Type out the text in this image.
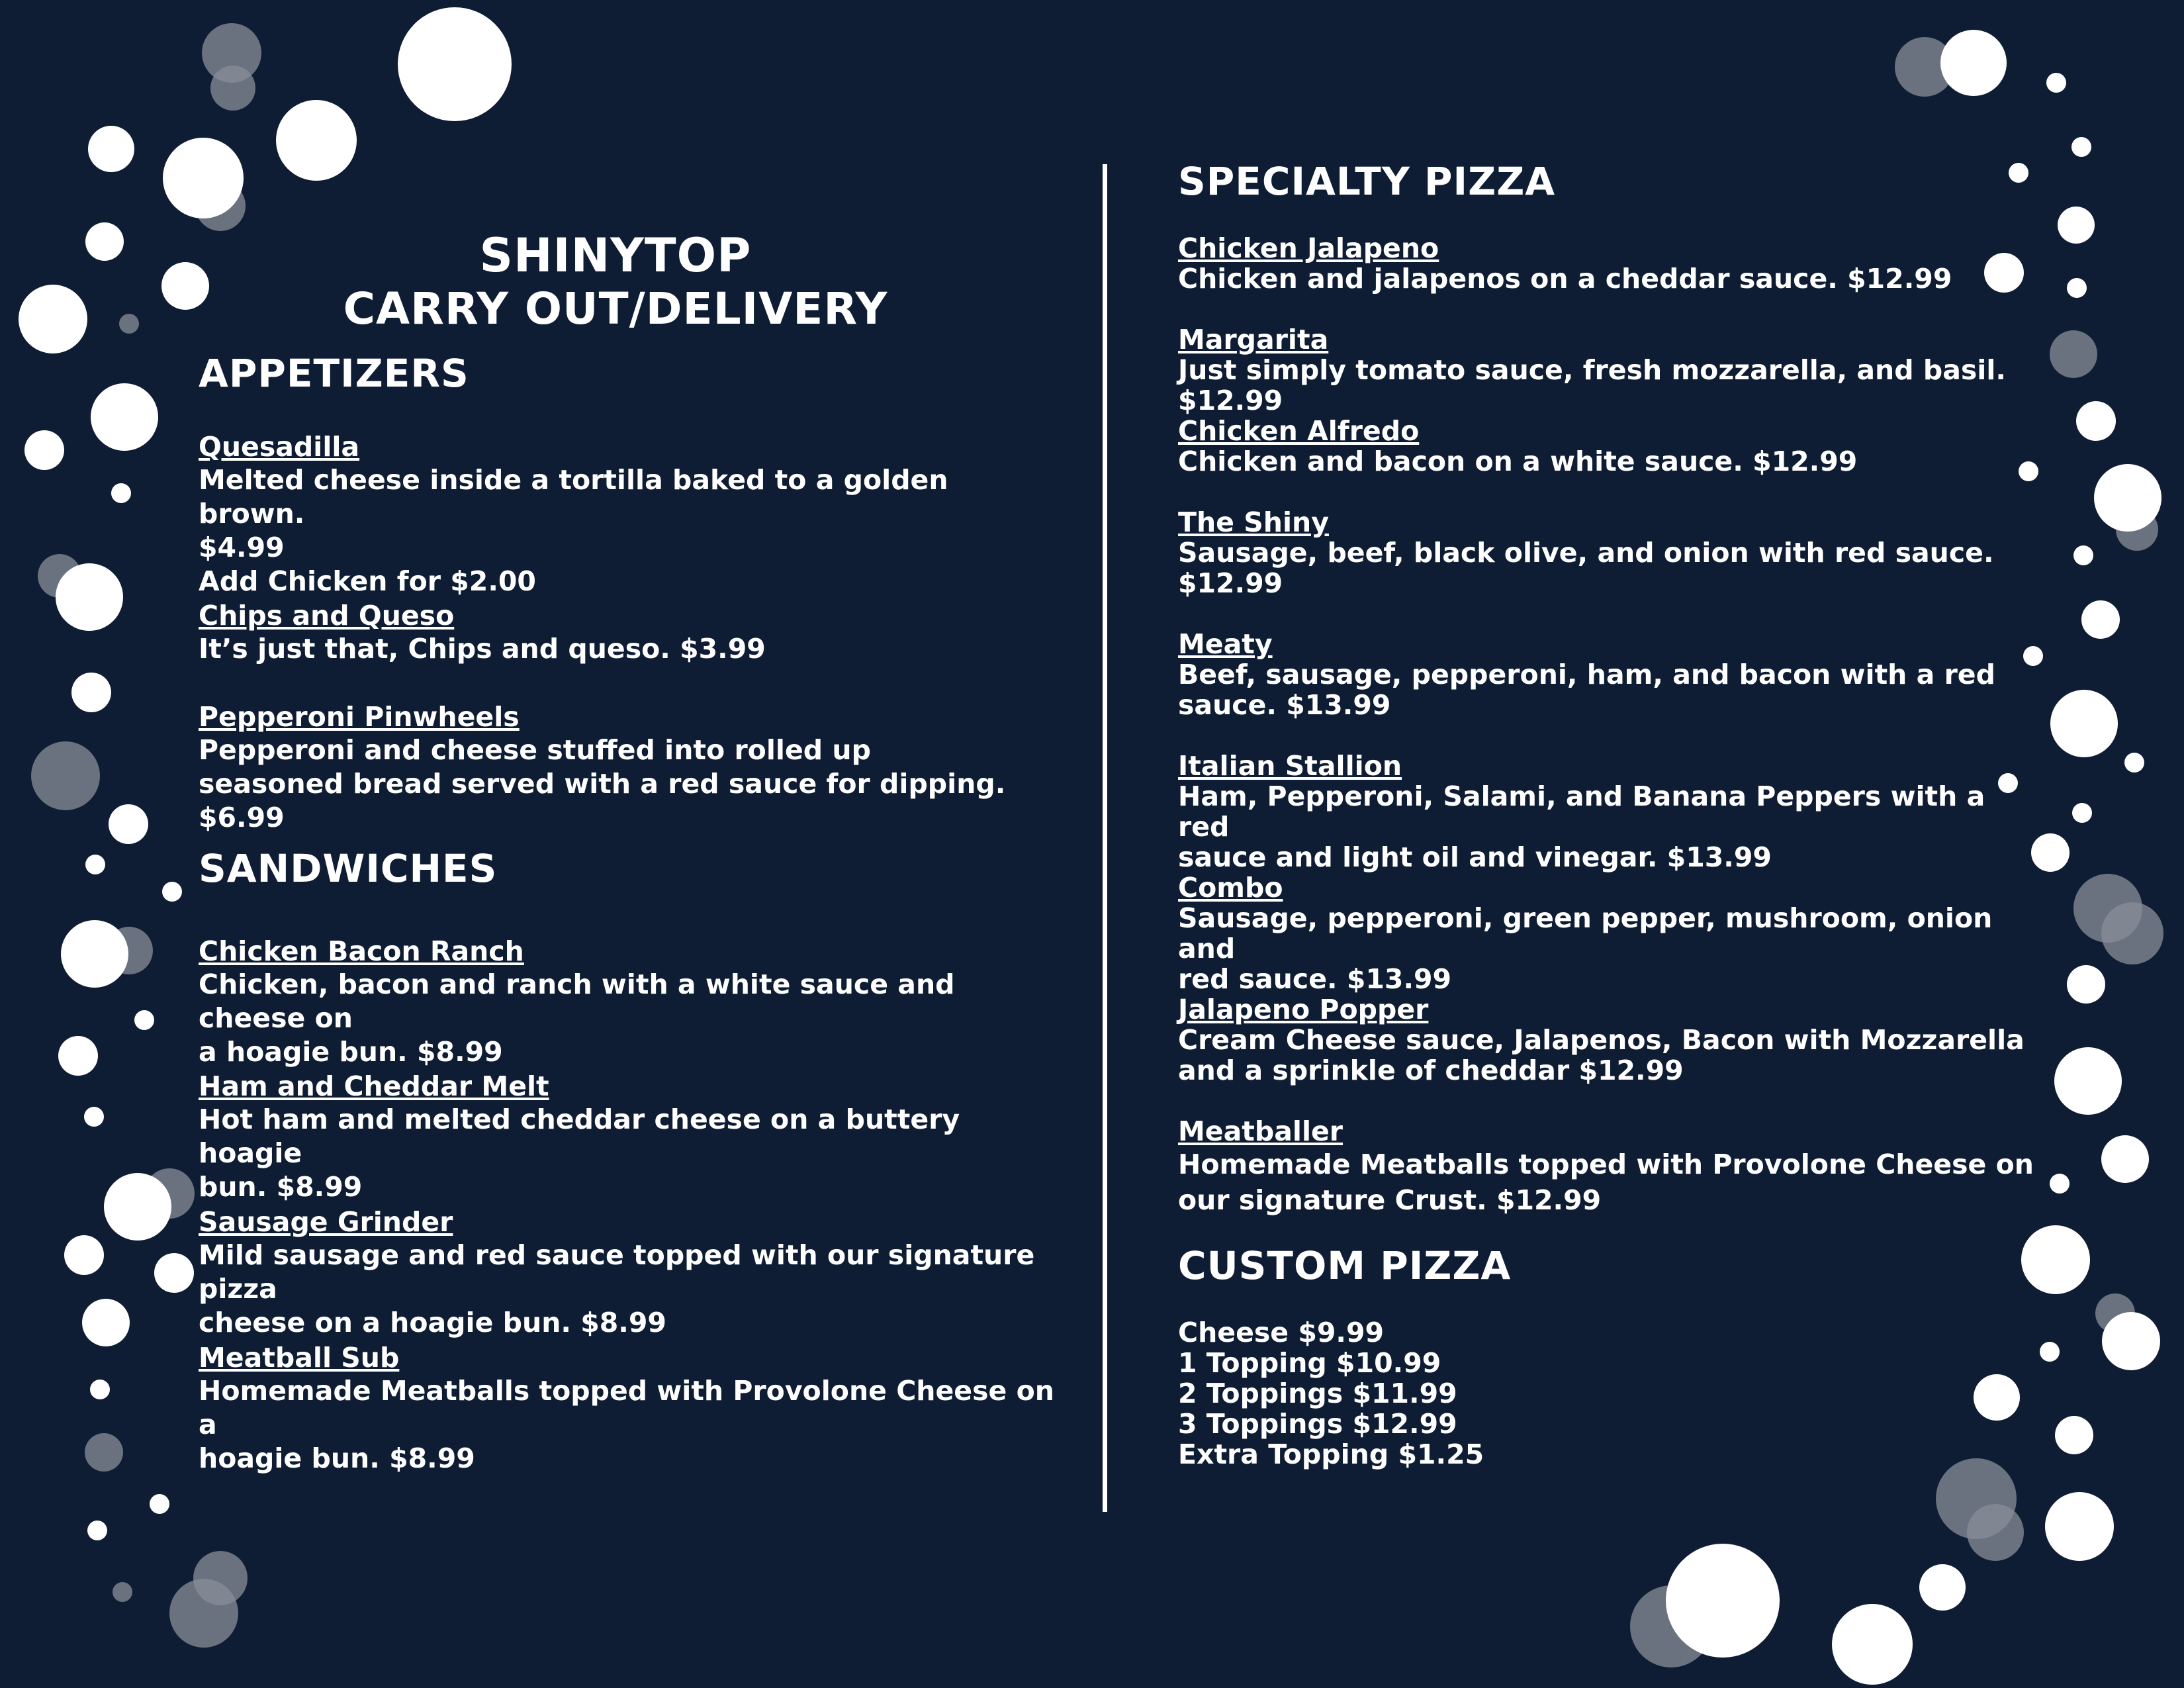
SHINYTOP
CARRY OUT/DELIVERY
APPETIZERS
Quesadilla
Melted cheese inside a tortilla baked to a golden brown.
$4.99
Add Chicken for $2.00
Chips and Queso
It’s just that, Chips and queso. $3.99
Pepperoni Pinwheels
Pepperoni and cheese stuffed into rolled up
seasoned bread served with a red sauce for dipping. $6.99
SANDWICHES
Chicken Bacon Ranch
Chicken, bacon and ranch with a white sauce and cheese on
a hoagie bun. $8.99
Ham and Cheddar Melt
Hot ham and melted cheddar cheese on a buttery hoagie
bun. $8.99
Sausage Grinder
Mild sausage and red sauce topped with our signature pizza
cheese on a hoagie bun. $8.99
Meatball Sub
Homemade Meatballs topped with Provolone Cheese on a
hoagie bun. $8.99
SPECIALTY PIZZA
Chicken Jalapeno
Chicken and jalapenos on a cheddar sauce. $12.99
Margarita
Just simply tomato sauce, fresh mozzarella, and basil. $12.99
Chicken Alfredo
Chicken and bacon on a white sauce. $12.99
The Shiny
Sausage, beef, black olive, and onion with red sauce.
$12.99
Meaty
Beef, sausage, pepperoni, ham, and bacon with a red
sauce. $13.99
Italian Stallion
Ham, Pepperoni, Salami, and Banana Peppers with a red
sauce and light oil and vinegar. $13.99
Combo
Sausage, pepperoni, green pepper, mushroom, onion and
red sauce. $13.99
Jalapeno Popper
Cream Cheese sauce, Jalapenos, Bacon with Mozzarella
and a sprinkle of cheddar $12.99
Meatballer
Homemade Meatballs topped with Provolone Cheese on
our signature Crust. $12.99
CUSTOM PIZZA
Cheese $9.99
1 Topping $10.99
2 Toppings $11.99
3 Toppings $12.99
Extra Topping $1.25
